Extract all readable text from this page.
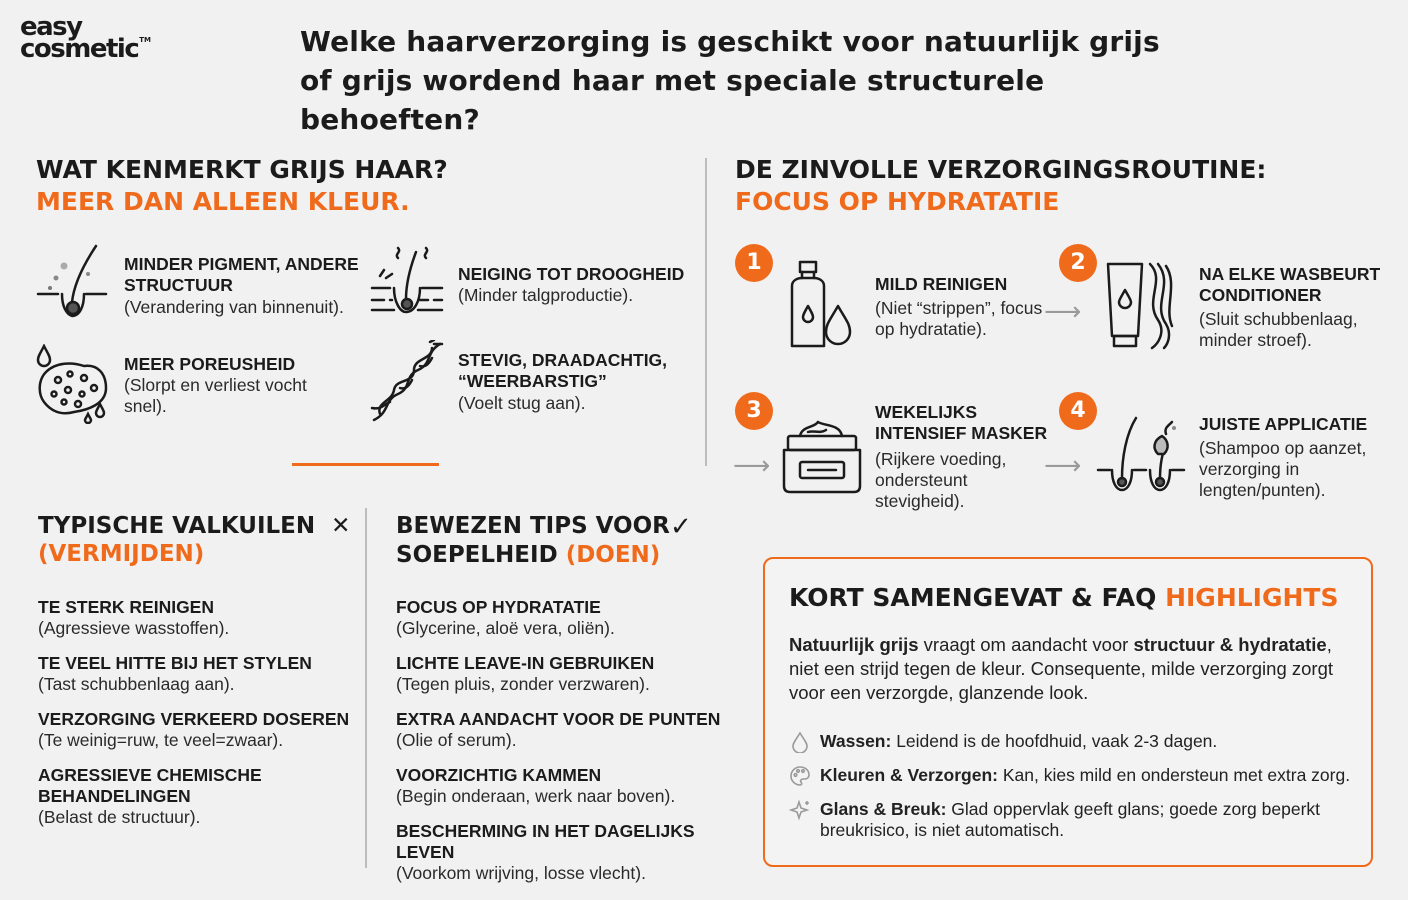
easy
cosmetic™	Welke haarverzorging is geschikt voor natuurlijk grijs of grijs wordend haar met speciale structurele behoeften?
WAT KENMERKT GRIJS HAAR?
MEER DAN ALLEEN KLEUR.
MINDER PIGMENT, ANDERE STRUCTUUR
(Verandering van binnenuit).
NEIGING TOT DROOGHEID
(Minder talgproductie).
MEER POREUSHEID
(Slorpt en verliest vocht snel).
STEVIG, DRAADACHTIG, “WEERBARSTIG”
(Voelt stug aan).
DE ZINVOLLE VERZORGINGSROUTINE:
FOCUS OP HYDRATATIE
1
MILD REINIGEN
(Niet “strippen”, focus op hydratatie).
⟶
2	NA ELKE WASBEURT CONDITIONER
(Sluit schubbenlaag, minder stroef).
3
⟶
WEKELIJKS INTENSIEF MASKER
(Rijkere voeding, ondersteunt stevigheid).
⟶
4
JUISTE APPLICATIE
(Shampoo op aanzet, verzorging in lengten/punten).
TYPISCHE VALKUILEN ✕
(VERMIJDEN)
TE STERK REINIGEN
(Agressieve wasstoffen).
TE VEEL HITTE BIJ HET STYLEN
(Tast schubbenlaag aan).
VERZORGING VERKEERD DOSEREN
(Te weinig=ruw, te veel=zwaar).
AGRESSIEVE CHEMISCHE BEHANDELINGEN
(Belast de structuur).
BEWEZEN TIPS VOOR SOEPELHEID (DOEN)
✓
FOCUS OP HYDRATATIE
(Glycerine, aloë vera, oliën).
LICHTE LEAVE-IN GEBRUIKEN
(Tegen pluis, zonder verzwaren).
EXTRA AANDACHT VOOR DE PUNTEN
(Olie of serum).
VOORZICHTIG KAMMEN
(Begin onderaan, werk naar boven).
BESCHERMING IN HET DAGELIJKS LEVEN
(Voorkom wrijving, losse vlecht).
KORT SAMENGEVAT & FAQ HIGHLIGHTS
Natuurlijk grijs vraagt om aandacht voor structuur & hydratatie, niet een strijd tegen de kleur. Consequente, milde verzorging zorgt voor een verzorgde, glanzende look.
Wassen: Leidend is de hoofdhuid, vaak 2-3 dagen.
Kleuren & Verzorgen: Kan, kies mild en ondersteun met extra zorg.
Glans & Breuk: Glad oppervlak geeft glans; goede zorg beperkt breukrisico, is niet automatisch.
